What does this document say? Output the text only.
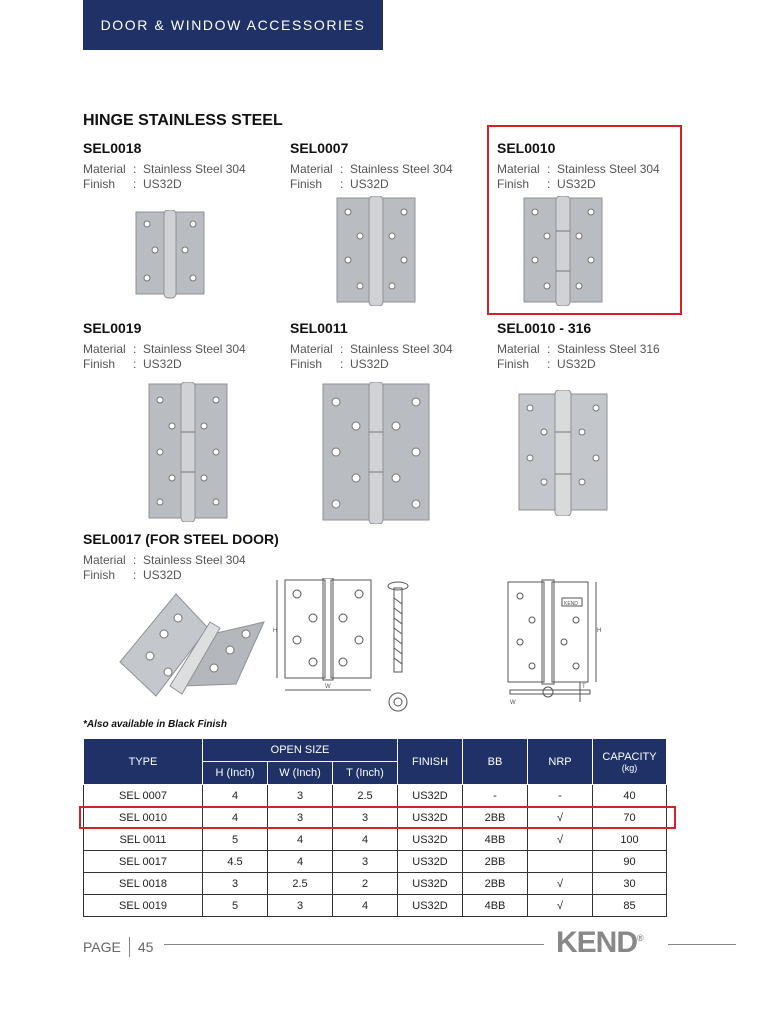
DOOR & WINDOW ACCESSORIES
HINGE STAINLESS STEEL
SEL0018
Material : Stainless Steel 304
Finish	: US32D
SEL0007
Material : Stainless Steel 304
Finish	: US32D
SEL0010
Material : Stainless Steel 304
Finish	: US32D
SEL0019
Material : Stainless Steel 304
Finish	: US32D
SEL0011
Material : Stainless Steel 304
Finish	: US32D
SEL0010 - 316
Material : Stainless Steel 316
Finish	: US32D
SEL0017 (FOR STEEL DOOR)
Material : Stainless Steel 304
Finish	: US32D
H
W
KEND
H
T
W
*Also available in Black Finish
TYPE	OPEN SIZE			FINISH	BB	NRP	CAPACITY
(kg)

	H (Inch)	W (Inch)	T (Inch)				
SEL 0007	4	3	2.5	US32D	-	-	40
SEL 0010	4	3	3	US32D	2BB	√	70
SEL 0011	5	4	4	US32D	4BB	√	100
SEL 0017	4.5	4	3	US32D	2BB		90
SEL 0018	3	2.5	2	US32D	2BB	√	30
SEL 0019	5	3	4	US32D	4BB	√	85
PAGE 45	KEND®
